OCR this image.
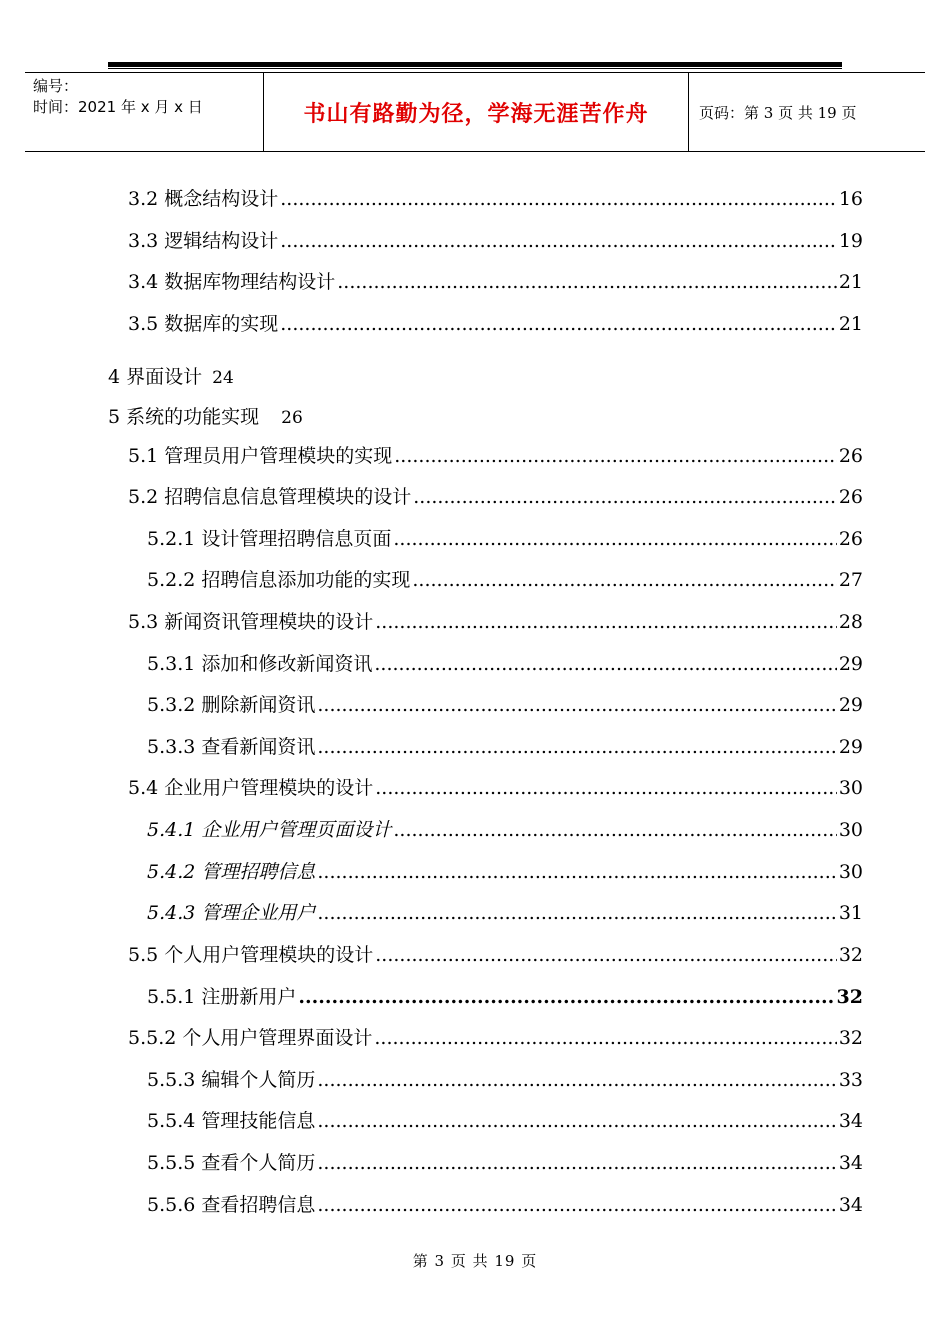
编号：
时间：2021 年 x 月 x 日	书山有路勤为径，学海无涯苦作舟	页码：第 3 页 共 19 页
3.2 概念结构设计 .....	16
3.3 逻辑结构设计 .....	19
3.4 数据库物理结构设计 .....	21
3.5 数据库的实现 .....	21
4 界面设计 24
5 系统的功能实现 26
5.1 管理员用户管理模块的实现 .....	26
5.2 招聘信息信息管理模块的设计 .....	26
5.2.1 设计管理招聘信息页面 .....	26
5.2.2 招聘信息添加功能的实现 .....	27
5.3 新闻资讯管理模块的设计 .....	28
5.3.1 添加和修改新闻资讯 .....	29
5.3.2 删除新闻资讯 .....	29
5.3.3 查看新闻资讯 .....	29
5.4 企业用户管理模块的设计 .....	30
5.4.1 企业用户管理页面设计 .....	30
5.4.2 管理招聘信息 .....	30
5.4.3 管理企业用户 .....	31
5.5 个人用户管理模块的设计 .....	32
5.5.1 注册新用户 .....	32
5.5.2 个人用户管理界面设计 .....	32
5.5.3 编辑个人简历 .....	33
5.5.4 管理技能信息 .....	34
5.5.5 查看个人简历 .....	34
5.5.6 查看招聘信息 .....	34
第 3 页 共 19 页
